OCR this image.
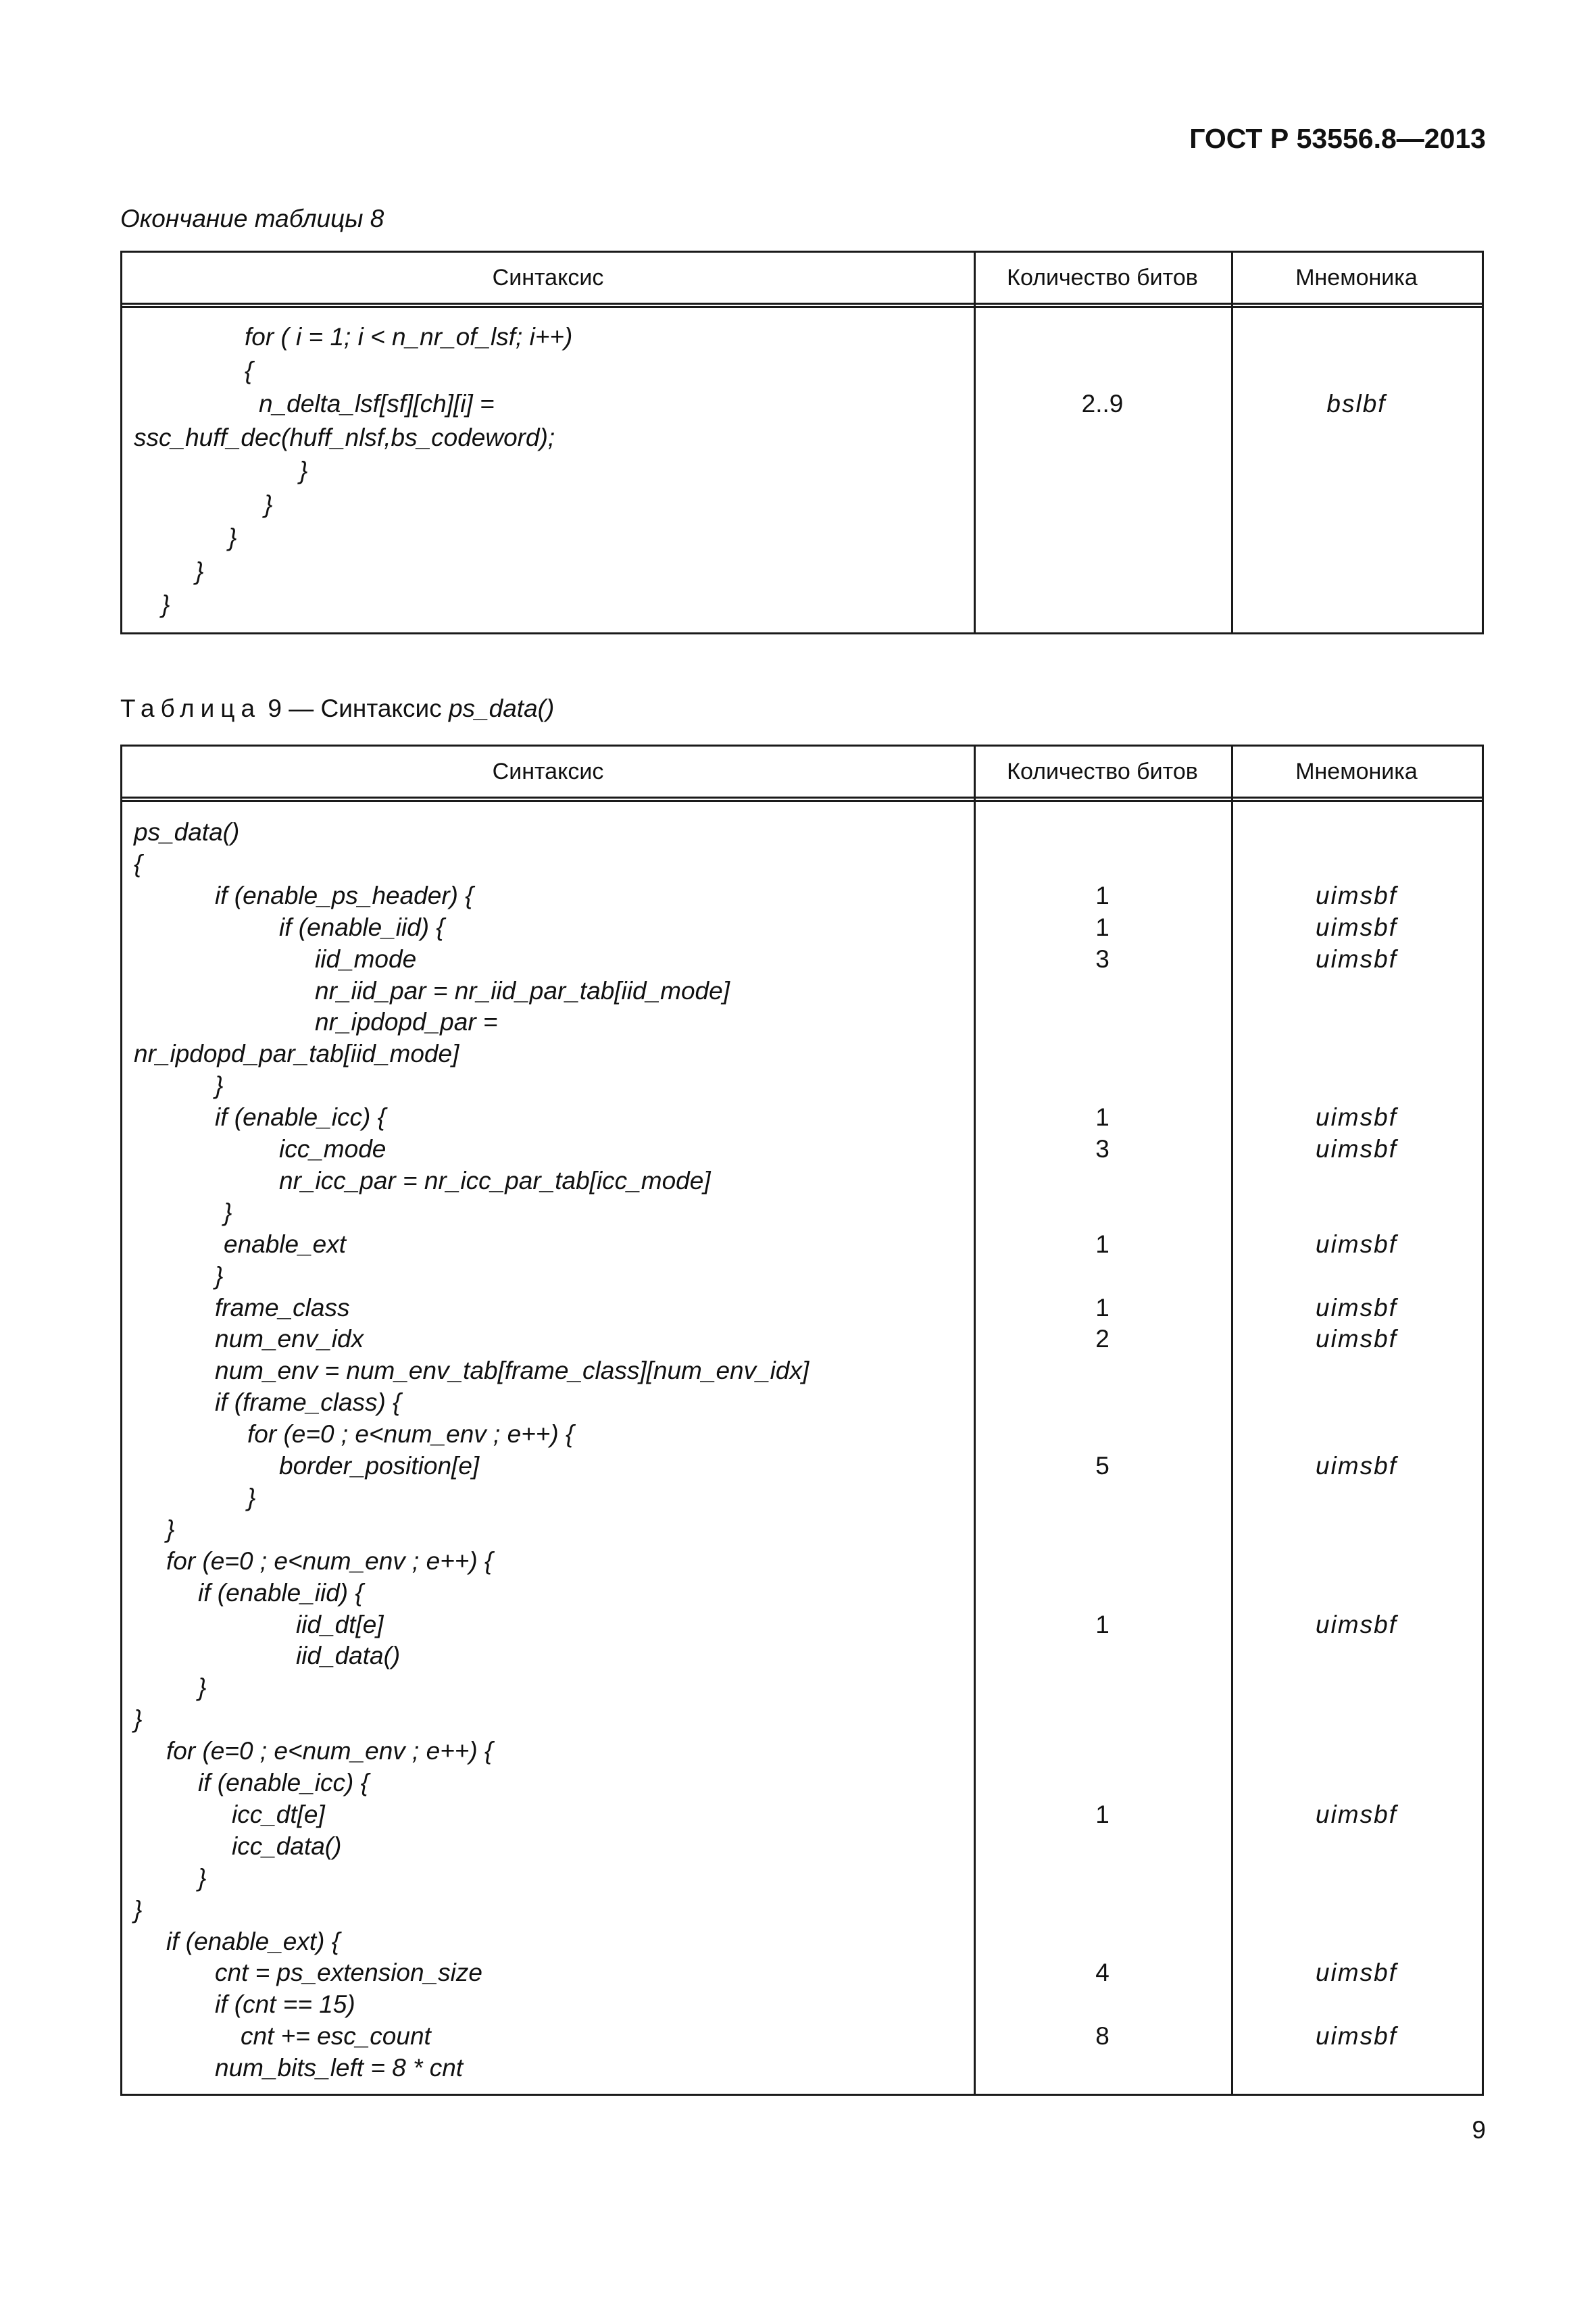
ГОСТ Р 53556.8—2013
Окончание таблицы 8
Синтаксис	Количество битов	Мнемоника
for ( i = 1; i < n_nr_of_lsf; i++)
{
n_delta_lsf[sf][ch][i] =	2..9	bslbf
ssc_huff_dec(huff_nlsf,bs_codeword);
}
}
}
}
}
Таблица 9 — Синтаксис ps_data()
Синтаксис	Количество битов	Мнемоника
ps_data()
{
if (enable_ps_header) {	1	uimsbf
if (enable_iid) {	1	uimsbf
iid_mode	3	uimsbf
nr_iid_par = nr_iid_par_tab[iid_mode]
nr_ipdopd_par =
nr_ipdopd_par_tab[iid_mode]
}
if (enable_icc) {	1	uimsbf
icc_mode	3	uimsbf
nr_icc_par = nr_icc_par_tab[icc_mode]
}
enable_ext	1	uimsbf
}
frame_class	1	uimsbf
num_env_idx	2	uimsbf
num_env = num_env_tab[frame_class][num_env_idx]
if (frame_class) {
for (e=0 ; e<num_env ; e++) {
border_position[e]	5	uimsbf
}
}
for (e=0 ; e<num_env ; e++) {
if (enable_iid) {
iid_dt[e]	1	uimsbf
iid_data()
}
}
for (e=0 ; e<num_env ; e++) {
if (enable_icc) {
icc_dt[e]	1	uimsbf
icc_data()
}
}
if (enable_ext) {
cnt = ps_extension_size	4	uimsbf
if (cnt == 15)
cnt += esc_count	8	uimsbf
num_bits_left = 8 * cnt
9
